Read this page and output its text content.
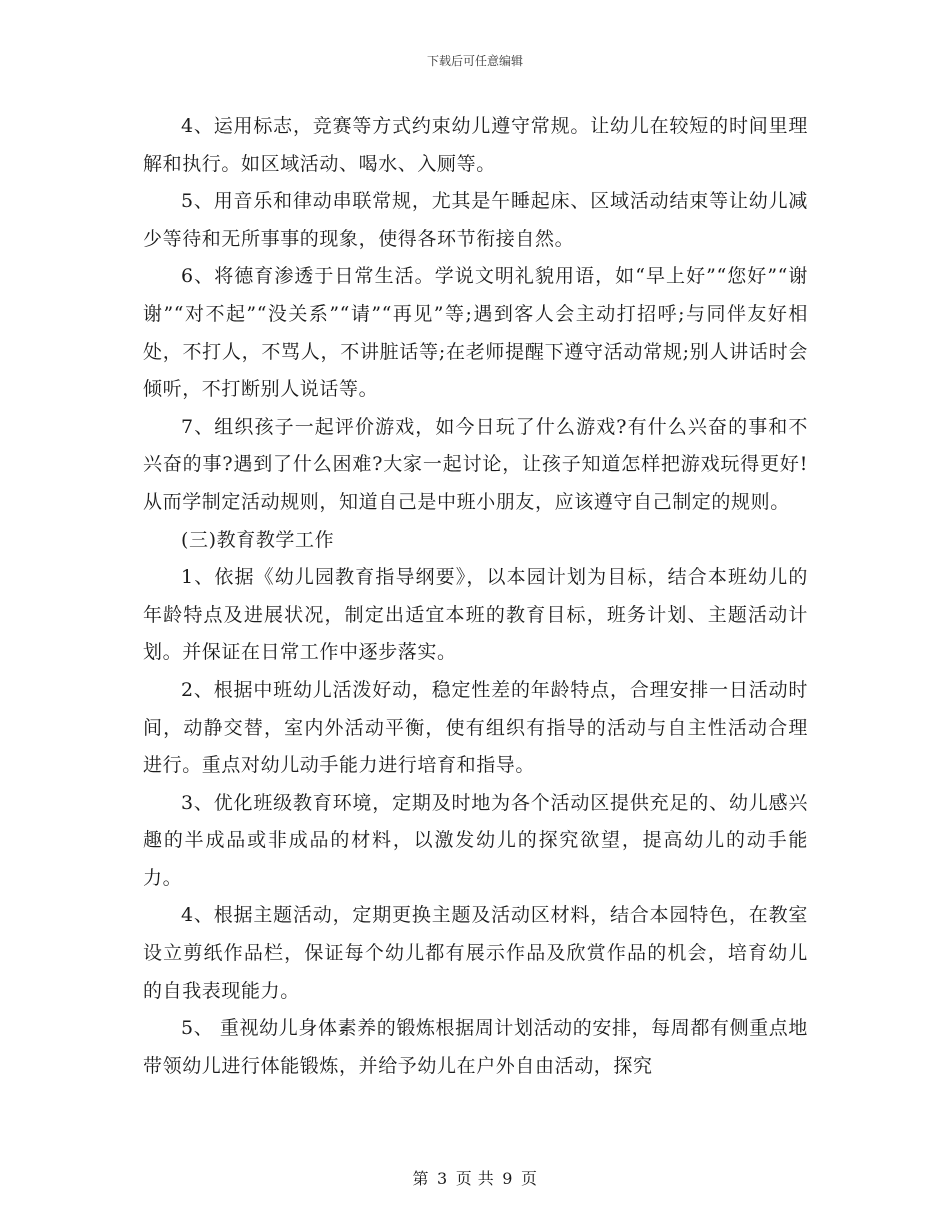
下载后可任意编辑

4、运用标志，竞赛等方式约束幼儿遵守常规。让幼儿在较短的时间里理解和执行。如区域活动、喝水、入厕等。

5、用音乐和律动串联常规，尤其是午睡起床、区域活动结束等让幼儿减少等待和无所事事的现象，使得各环节衔接自然。

6、将德育渗透于日常生活。学说文明礼貌用语，如“早上好”“您好”“谢谢”“对不起”“没关系”“请”“再见”等;遇到客人会主动打招呼;与同伴友好相处，不打人，不骂人，不讲脏话等;在老师提醒下遵守活动常规;别人讲话时会倾听，不打断别人说话等。

7、组织孩子一起评价游戏，如今日玩了什么游戏?有什么兴奋的事和不兴奋的事?遇到了什么困难?大家一起讨论，让孩子知道怎样把游戏玩得更好!从而学制定活动规则，知道自己是中班小朋友，应该遵守自己制定的规则。

(三)教育教学工作

1、依据《幼儿园教育指导纲要》，以本园计划为目标，结合本班幼儿的年龄特点及进展状况，制定出适宜本班的教育目标，班务计划、主题活动计划。并保证在日常工作中逐步落实。

2、根据中班幼儿活泼好动，稳定性差的年龄特点，合理安排一日活动时间，动静交替，室内外活动平衡，使有组织有指导的活动与自主性活动合理进行。重点对幼儿动手能力进行培育和指导。

3、优化班级教育环境，定期及时地为各个活动区提供充足的、幼儿感兴趣的半成品或非成品的材料，以激发幼儿的探究欲望，提高幼儿的动手能力。

4、根据主题活动，定期更换主题及活动区材料，结合本园特色，在教室设立剪纸作品栏，保证每个幼儿都有展示作品及欣赏作品的机会，培育幼儿的自我表现能力。

5、 重视幼儿身体素养的锻炼根据周计划活动的安排，每周都有侧重点地带领幼儿进行体能锻炼，并给予幼儿在户外自由活动，探究

第 3 页 共 9 页
